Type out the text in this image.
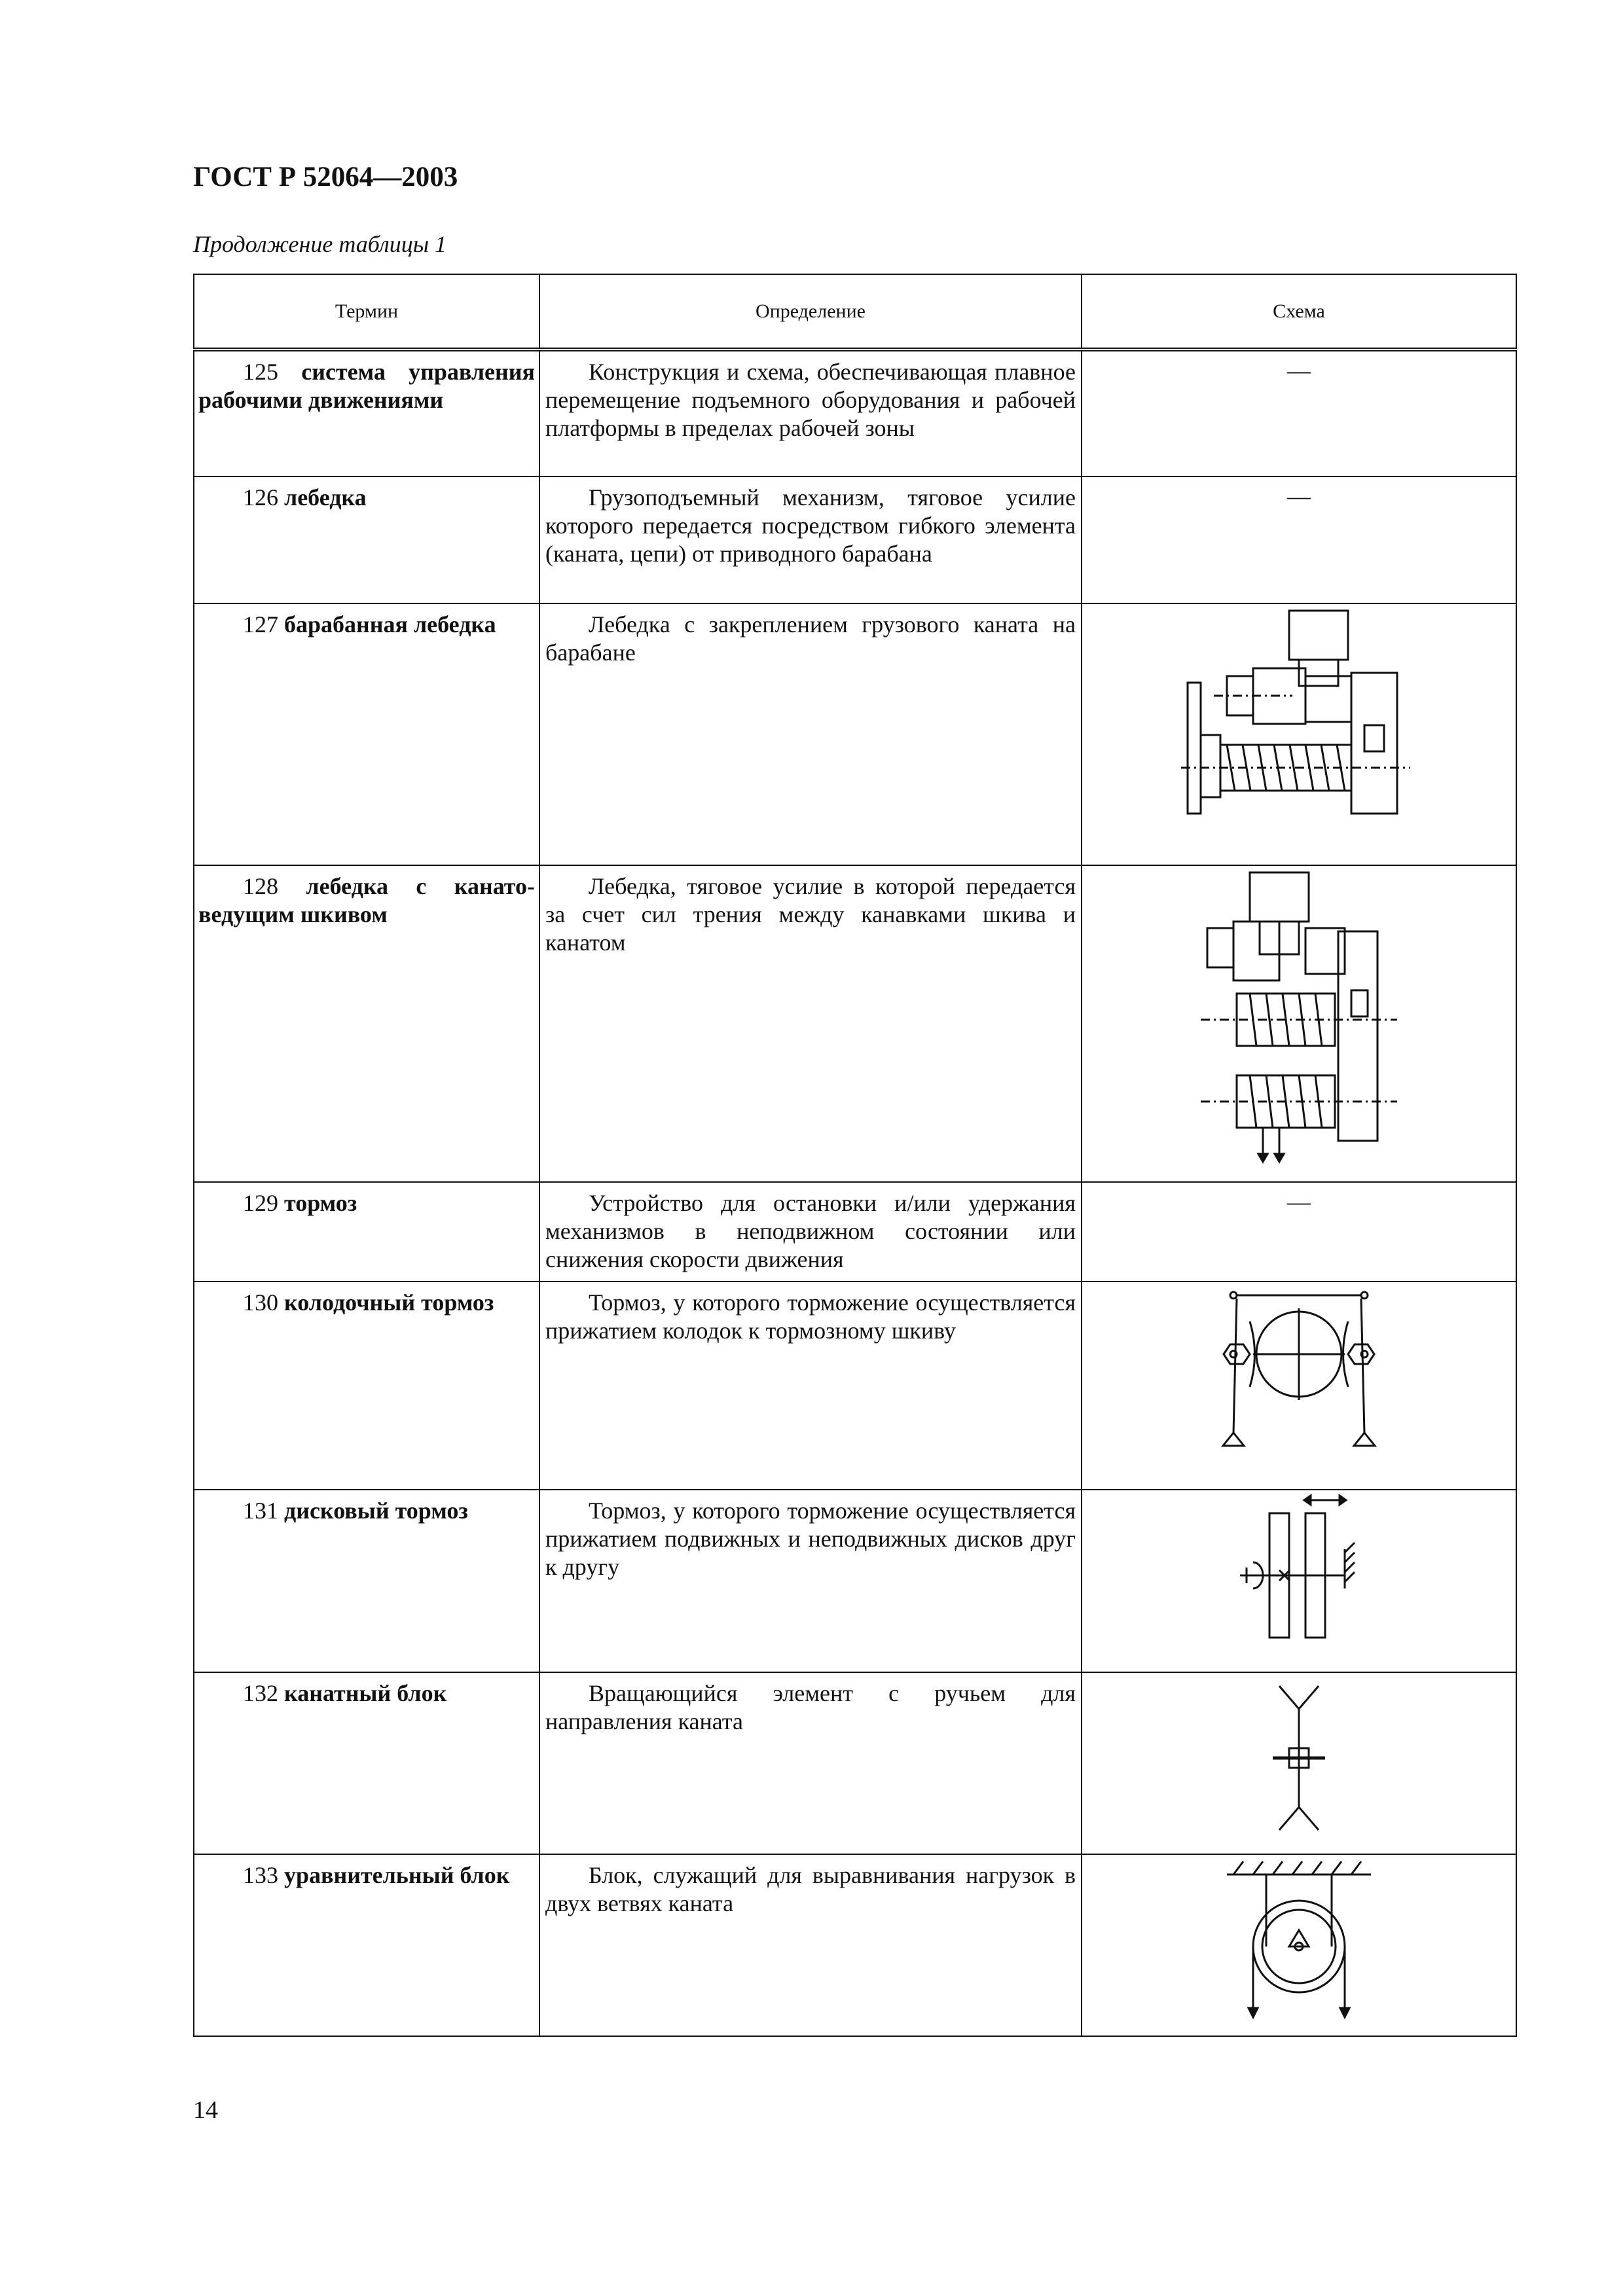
ГОСТ Р 52064—2003

Продолжение таблицы 1

Термин	Определение	Схема
125 система управления рабочими движениями	Конструкция и схема, обеспечивающая плавное перемещение подъемного оборудования и рабочей платформы в пределах рабочей зоны	—

126 лебедка	Грузоподъемный механизм, тяговое усилие которого передается посредством гибкого элемента (каната, цепи) от приводного барабана	—

127 барабанная лебедка	Лебедка с закреплением грузового каната на барабане	

128 лебедка с канато-ведущим шкивом	Лебедка, тяговое усилие в которой передается за счет сил трения между канавками шкива и канатом	

129 тормоз	Устройство для остановки и/или удержания механизмов в неподвижном состоянии или снижения скорости движения	—

130 колодочный тормоз	Тормоз, у которого торможение осуществляется прижатием колодок к тормозному шкиву	

131 дисковый тормоз	Тормоз, у которого торможение осуществляется прижатием подвижных и неподвижных дисков друг к другу	

132 канатный блок	Вращающийся элемент с ручьем для направления каната	

133 уравнительный блок	Блок, служащий для выравнивания нагрузок в двух ветвях каната	

14
